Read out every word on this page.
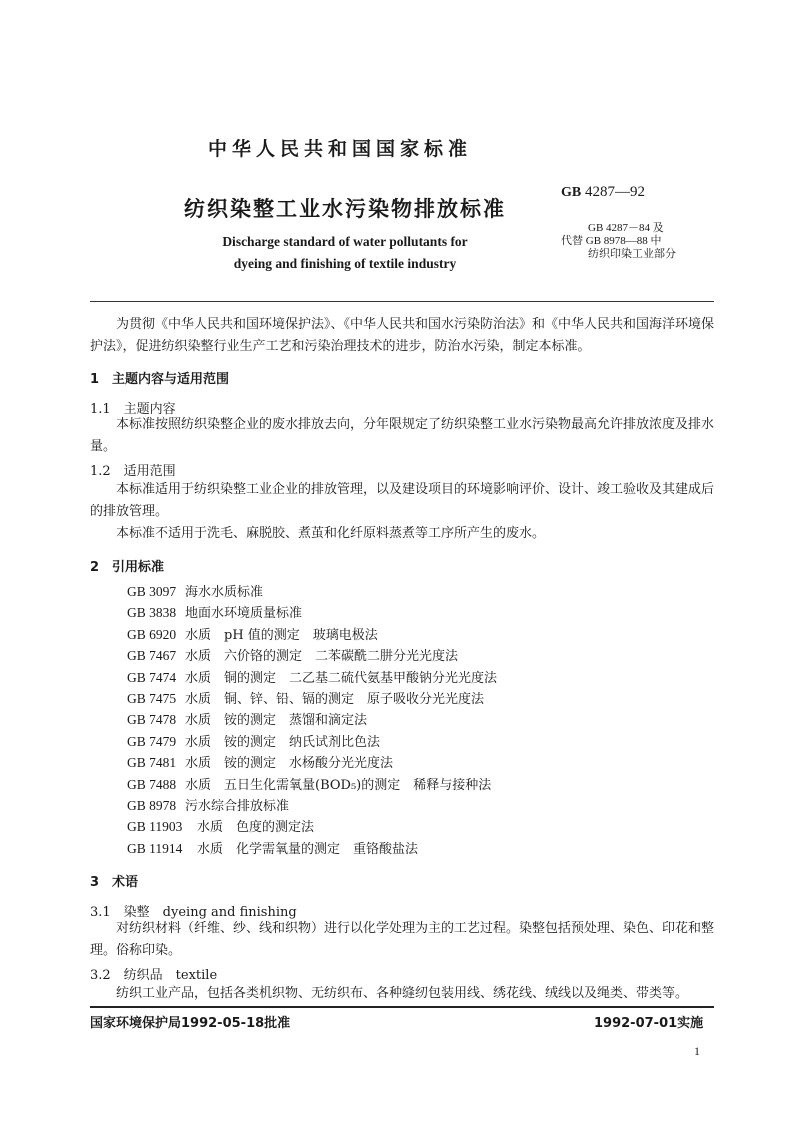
中华人民共和国国家标准
纺织染整工业水污染物排放标准
Discharge standard of water pollutants for
dyeing and finishing of textile industry
GB 4287—92
GB 4287－84 及
代替 GB 8978—88 中
纺织印染工业部分
为贯彻《中华人民共和国环境保护法》、《中华人民共和国水污染防治法》和《中华人民共和国海洋环境保护法》，促进纺织染整行业生产工艺和污染治理技术的进步，防治水污染，制定本标准。
1　主题内容与适用范围
1.1　主题内容
本标准按照纺织染整企业的废水排放去向，分年限规定了纺织染整工业水污染物最高允许排放浓度及排水量。
1.2　适用范围
本标准适用于纺织染整工业企业的排放管理，以及建设项目的环境影响评价、设计、竣工验收及其建成后的排放管理。
本标准不适用于洗毛、麻脱胶、煮茧和化纤原料蒸煮等工序所产生的废水。
2　引用标准
GB 3097 海水水质标准
GB 3838 地面水环境质量标准
GB 6920 水质　pH 值的测定　玻璃电极法
GB 7467 水质　六价铬的测定　二苯碳酰二肼分光光度法
GB 7474 水质　铜的测定　二乙基二硫代氨基甲酸钠分光光度法
GB 7475 水质　铜、锌、铅、镉的测定　原子吸收分光光度法
GB 7478 水质　铵的测定　蒸馏和滴定法
GB 7479 水质　铵的测定　纳氏试剂比色法
GB 7481 水质　铵的测定　水杨酸分光光度法
GB 7488 水质　五日生化需氧量(BOD₅)的测定　稀释与接种法
GB 8978 污水综合排放标准
GB 11903 水质　色度的测定法
GB 11914 水质　化学需氧量的测定　重铬酸盐法
3　术语
3.1　染整　dyeing and finishing
对纺织材料（纤维、纱、线和织物）进行以化学处理为主的工艺过程。染整包括预处理、染色、印花和整理。俗称印染。
3.2　纺织品　textile
纺织工业产品，包括各类机织物、无纺织布、各种缝纫包装用线、绣花线、绒线以及绳类、带类等。
国家环境保护局1992-05-18批准	1992-07-01实施
1
